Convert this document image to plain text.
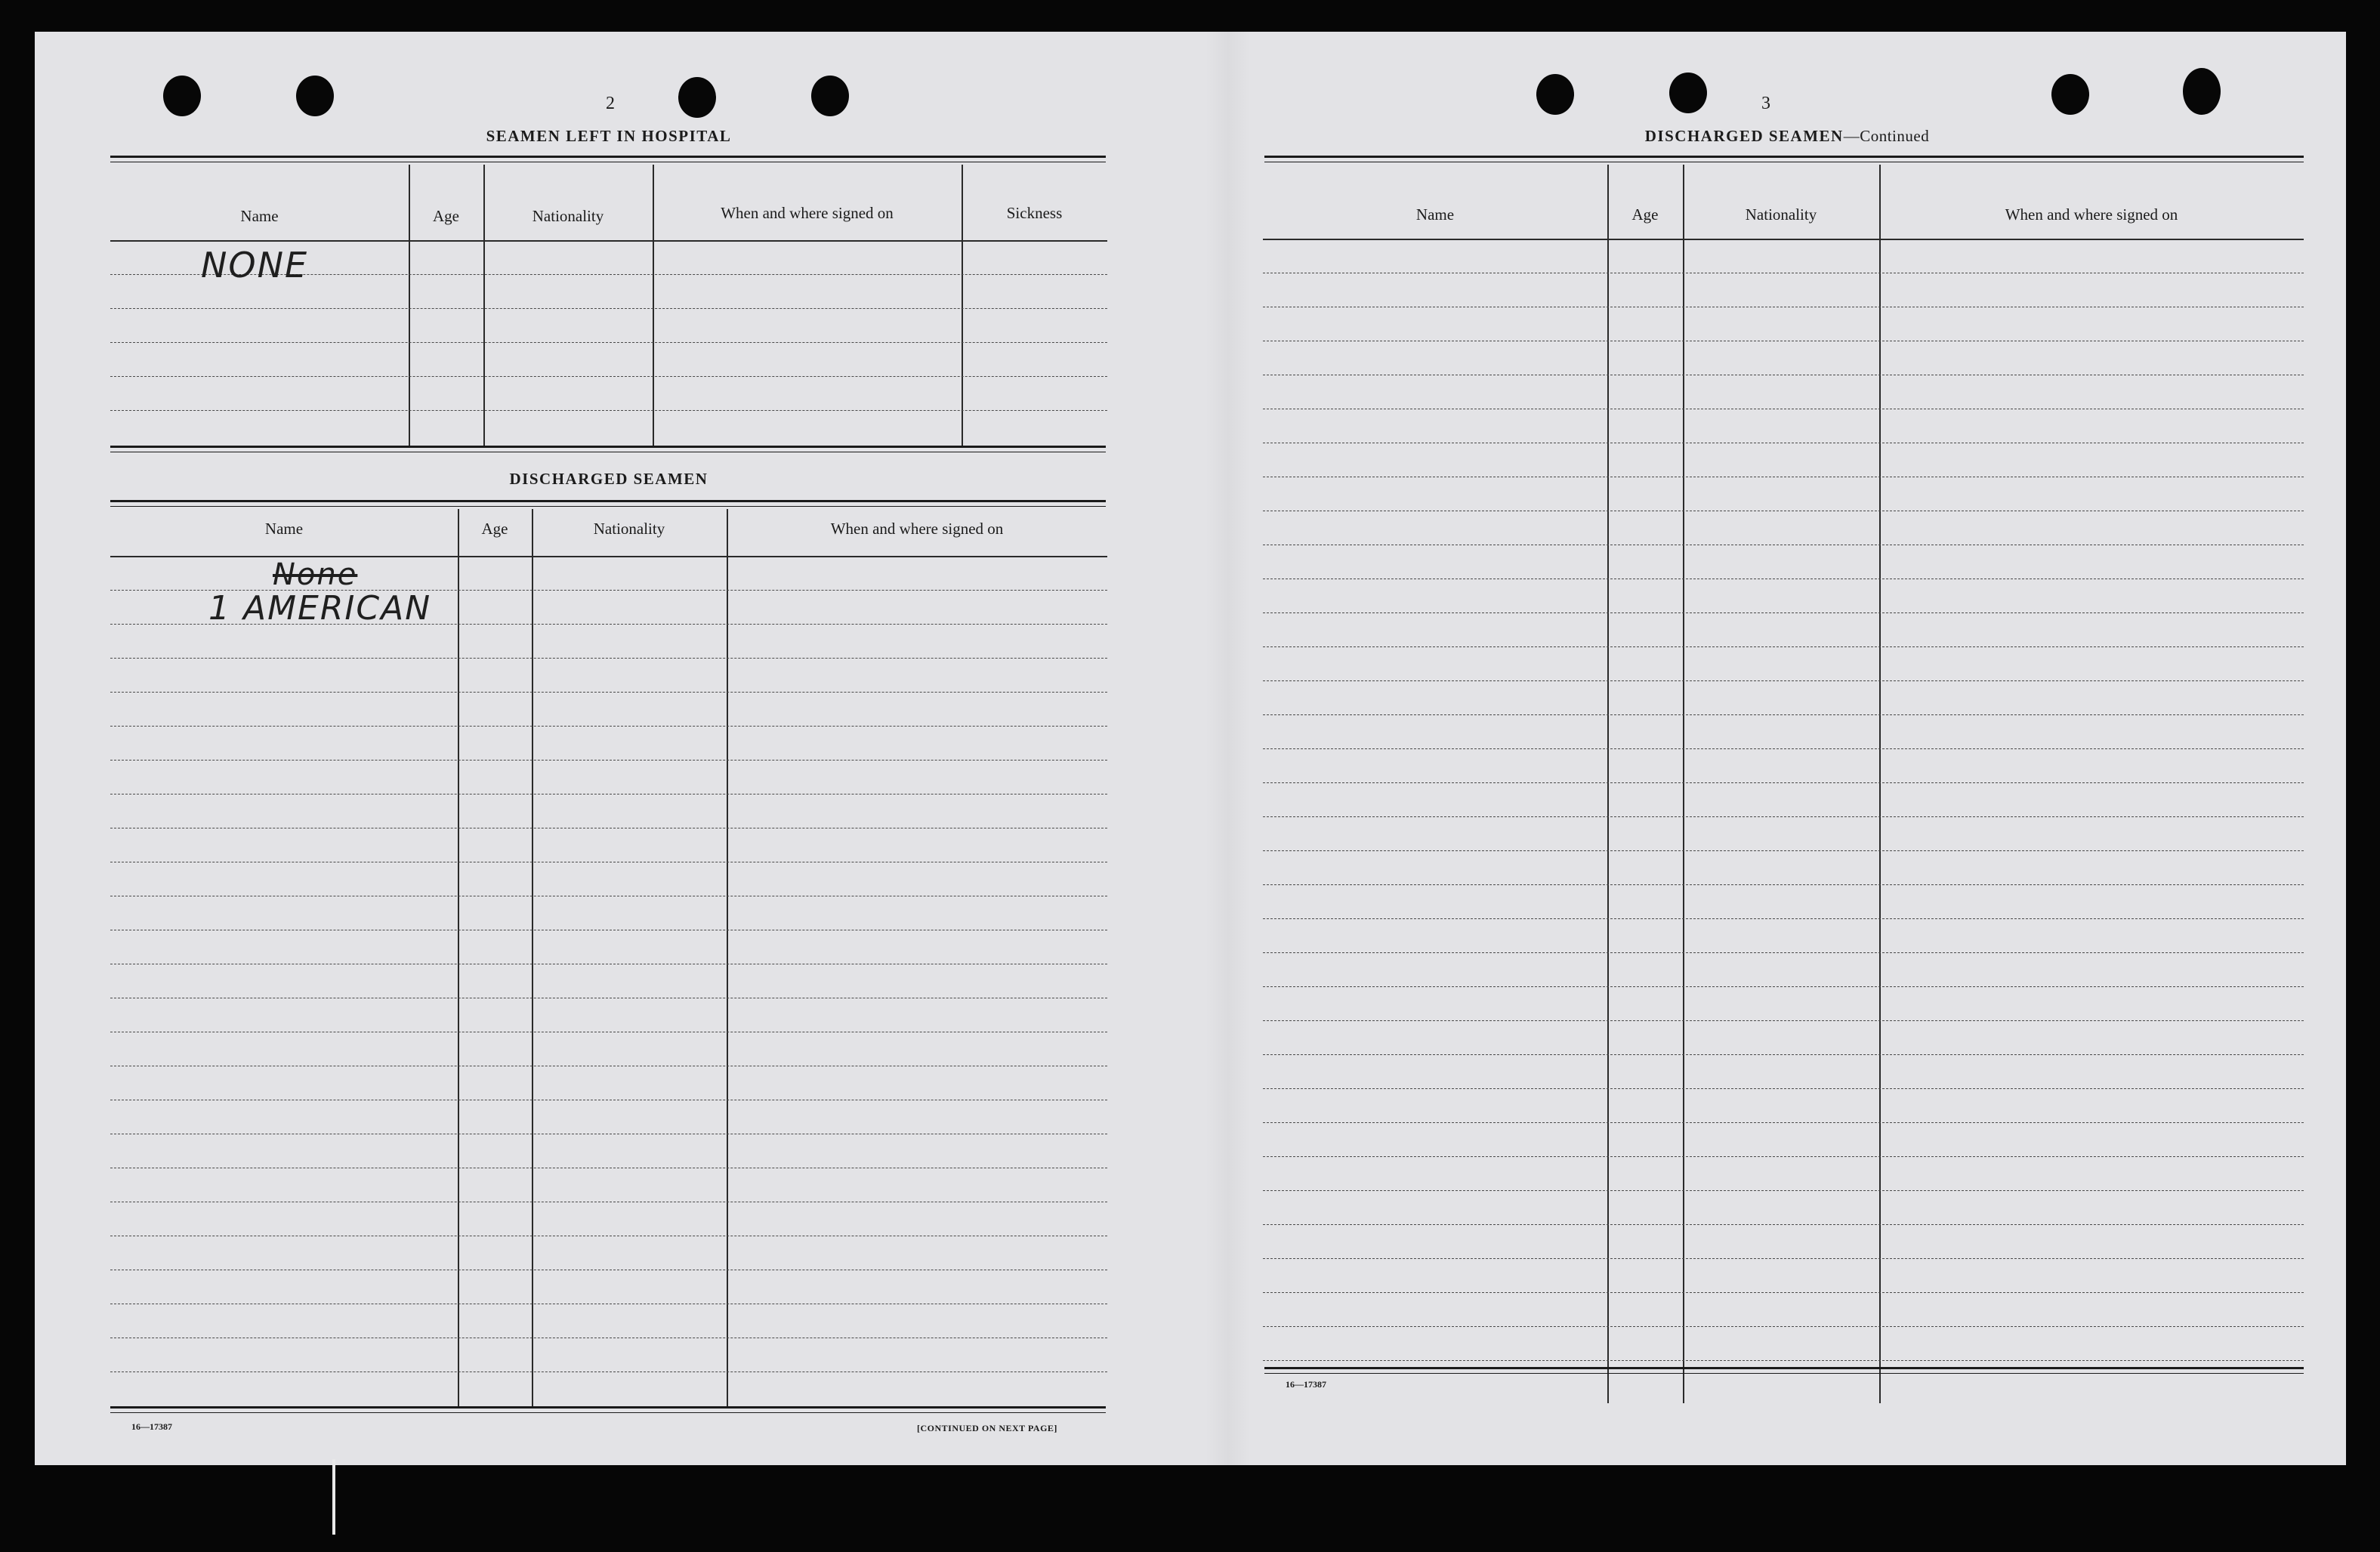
2
SEAMEN LEFT IN HOSPITAL
Name	Age	Nationality	When and where signed on	Sickness
NONE
DISCHARGED SEAMEN
Name	Age	Nationality	When and where signed on
None
1 AMERICAN
16—17387	[CONTINUED ON NEXT PAGE]
3
DISCHARGED SEAMEN—Continued
Name	Age	Nationality	When and where signed on
16—17387
